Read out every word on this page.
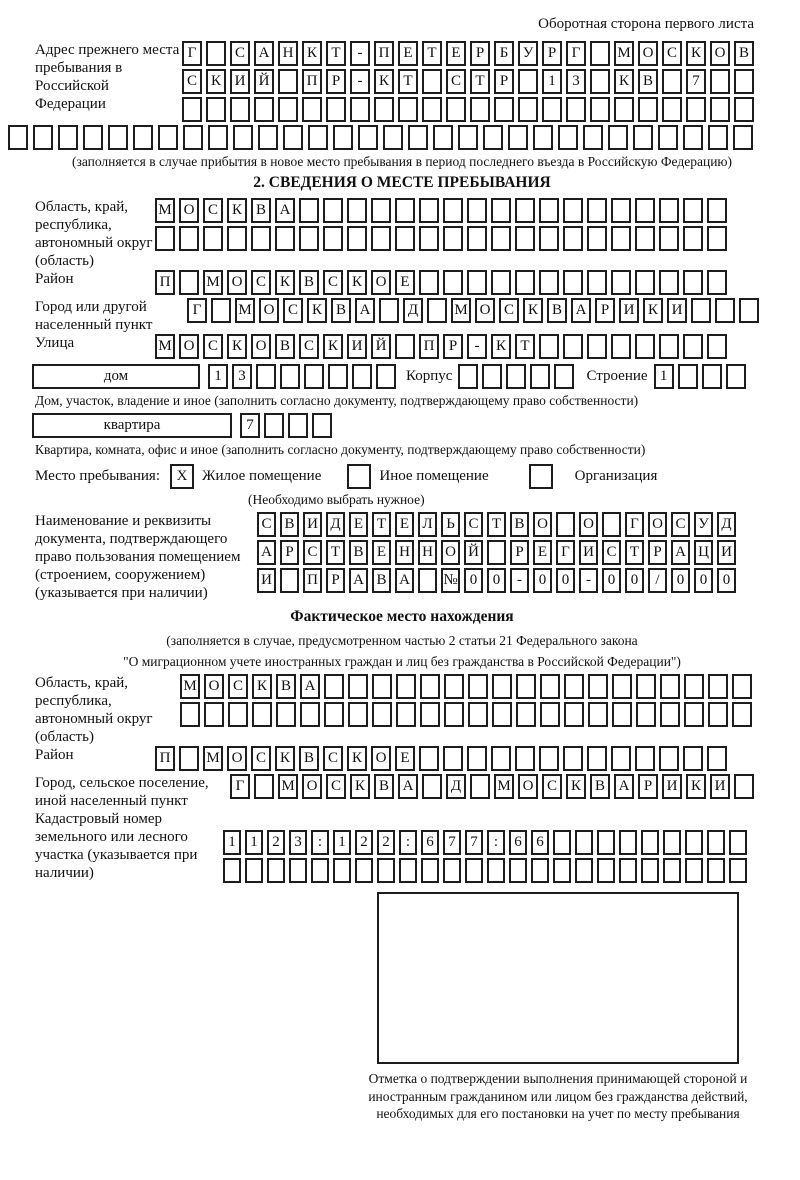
Оборотная сторона первого листа
Адрес прежнего места пребывания в Российской Федерации
Г	С А Н К Т	-	П Е Т Е	Р	Б У Р	Г	М О С К О В
С К И Й	П Р	-	К Т	С Т	Р	1	3	К В	7
(заполняется в случае прибытия в новое место пребывания в период последнего въезда в Российскую Федерацию)
2. СВЕДЕНИЯ О МЕСТЕ ПРЕБЫВАНИЯ
Область, край, республика, автономный округ (область)
М О С К В А
Район	П	М О С К В С К О Е
Город или другой населенный пункт
Г	М О С К В А	Д	М О С К В А Р И К И
Улица	М О С К О В С К И Й	П Р	-	К Т
дом	1	3	Корпус	Строение 1
Дом, участок, владение и иное (заполнить согласно документу, подтверждающему право собственности)
квартира	7
Квартира, комната, офис и иное (заполнить согласно документу, подтверждающему право собственности)
Место пребывания:	X Жилое помещение	Иное помещение	Организация
(Необходимо выбрать нужное)
Наименование и реквизиты документа, подтверждающего право пользования помещением (строением, сооружением) (указывается при наличии)
С В И Д Е Т Е Л Ь С Т В О О	Г О С У Д
А Р С Т В Е Н Н О Й	Р Е Г И С Т Р А Ц И
И П Р А В А № 0	0	-	0	0	-	0	0	/	0	0	0
Фактическое место нахождения
(заполняется в случае, предусмотренном частью 2 статьи 21 Федерального закона
"О миграционном учете иностранных граждан и лиц без гражданства в Российской Федерации")
Область, край, республика, автономный округ (область)
М О С К В А
Район	П	М О С К В С К О Е
Город, сельское поселение, иной населенный пункт
Г	М О С К В А	Д	М О С К В А Р И К И
Кадастровый номер земельного или лесного участка (указывается при наличии)
1 1 2 3	:	1 2 2	:	6 7 7	:	6 6
Отметка о подтверждении выполнения принимающей стороной и иностранным гражданином или лицом без гражданства действий, необходимых для его постановки на учет по месту пребывания
